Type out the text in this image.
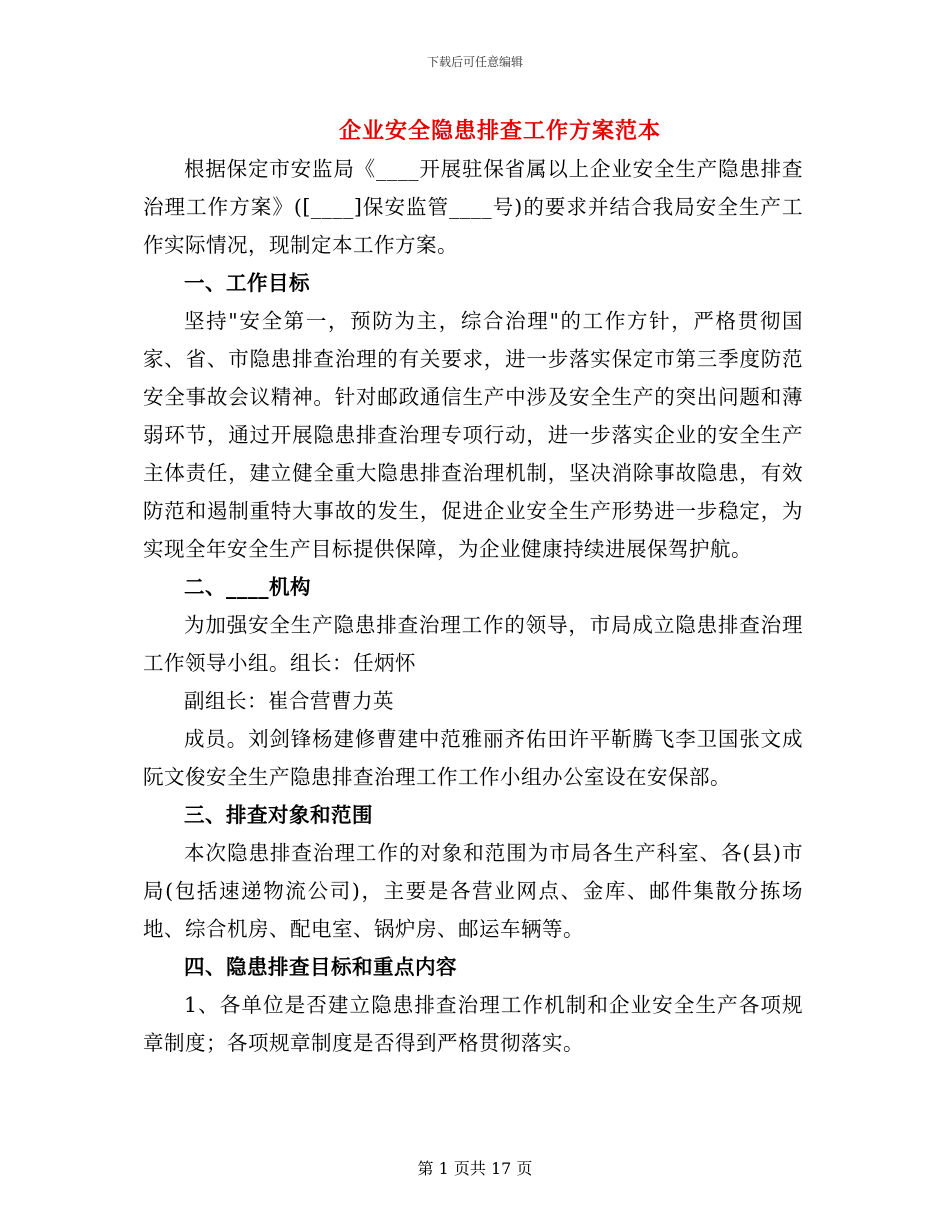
下载后可任意编辑
企业安全隐患排查工作方案范本

根据保定市安监局《____开展驻保省属以上企业安全生产隐患排查治理工作方案》([____]保安监管____号)的要求并结合我局安全生产工作实际情况，现制定本工作方案。

一、工作目标

坚持"安全第一，预防为主，综合治理"的工作方针，严格贯彻国家、省、市隐患排查治理的有关要求，进一步落实保定市第三季度防范安全事故会议精神。针对邮政通信生产中涉及安全生产的突出问题和薄弱环节，通过开展隐患排查治理专项行动，进一步落实企业的安全生产主体责任，建立健全重大隐患排查治理机制，坚决消除事故隐患，有效防范和遏制重特大事故的发生，促进企业安全生产形势进一步稳定，为实现全年安全生产目标提供保障，为企业健康持续进展保驾护航。

二、____机构

为加强安全生产隐患排查治理工作的领导，市局成立隐患排查治理工作领导小组。组长：任炳怀

副组长：崔合营曹力英

成员。刘剑锋杨建修曹建中范雅丽齐佑田许平靳腾飞李卫国张文成阮文俊安全生产隐患排查治理工作工作小组办公室设在安保部。

三、排查对象和范围

本次隐患排查治理工作的对象和范围为市局各生产科室、各(县)市局(包括速递物流公司)，主要是各营业网点、金库、邮件集散分拣场地、综合机房、配电室、锅炉房、邮运车辆等。

四、隐患排查目标和重点内容

1、各单位是否建立隐患排查治理工作机制和企业安全生产各项规章制度；各项规章制度是否得到严格贯彻落实。

第 1 页共 17 页
